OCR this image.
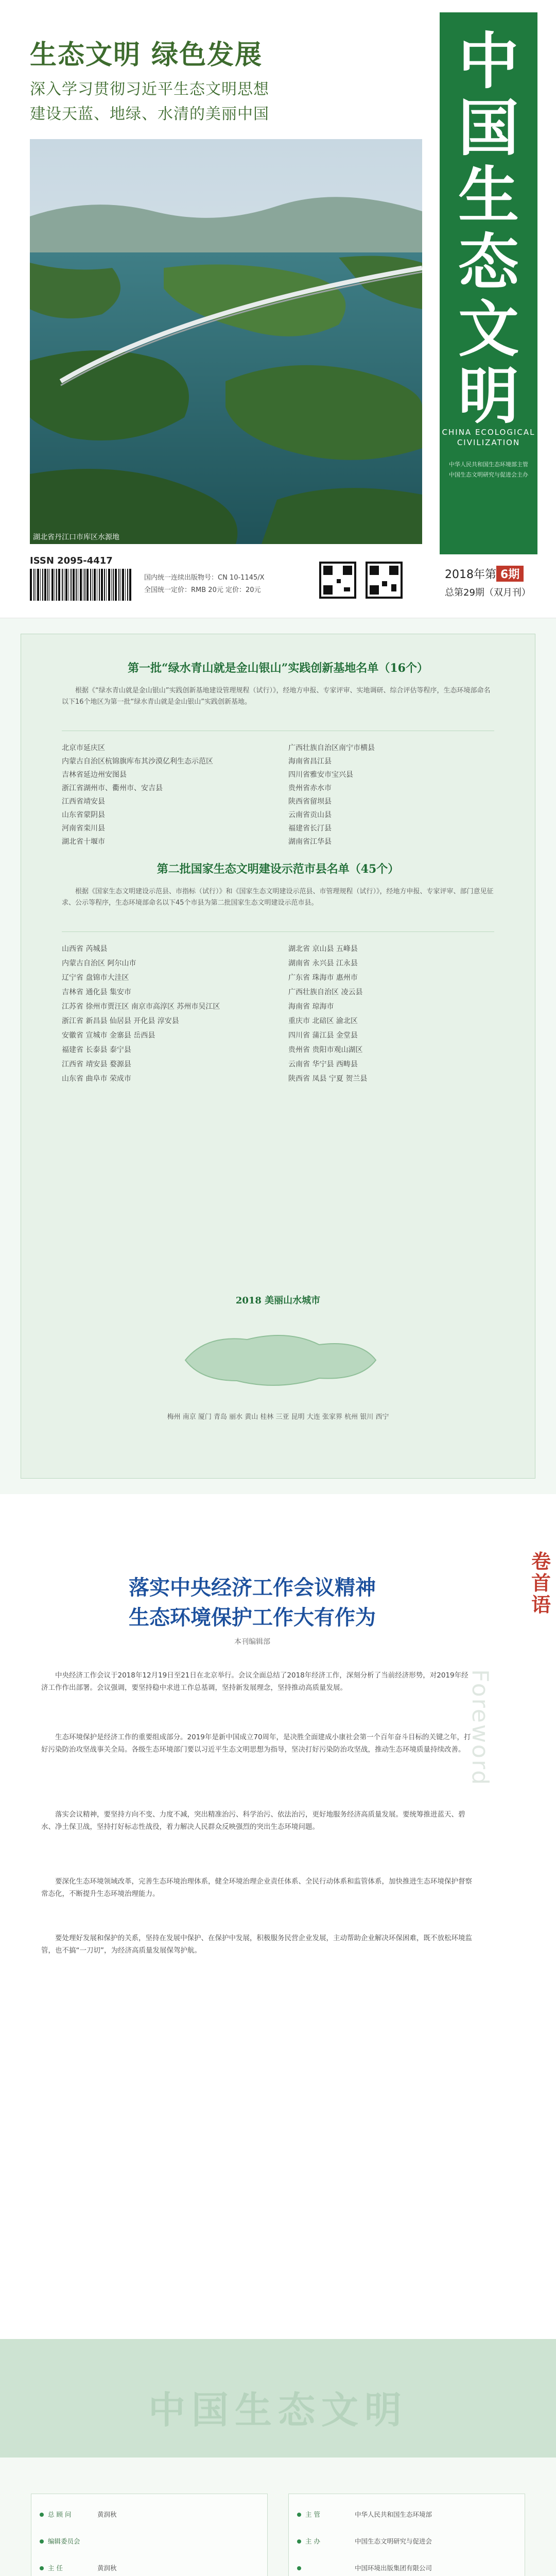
生态文明 绿色发展
深入学习贯彻习近平生态文明思想
建设天蓝、地绿、水清的美丽中国
湖北省丹江口市库区水源地
中
国
生
态
文
明
CHINA ECOLOGICAL CIVILIZATION
中华人民共和国生态环境部主管
中国生态文明研究与促进会主办
ISSN 2095-4417
国内统一连续出版物号：CN 10-1145/X
全国统一定价：RMB 20元 定价：20元
2018年第 6期
总第29期（双月刊）
第一批“绿水青山就是金山银山”实践创新基地名单（16个）
根据《“绿水青山就是金山银山”实践创新基地建设管理规程（试行）》，经地方申报、专家评审、实地调研、综合评估等程序，生态环境部命名以下16个地区为第一批“绿水青山就是金山银山”实践创新基地。
北京市延庆区
内蒙古自治区杭锦旗库布其沙漠亿利生态示范区
吉林省延边州安图县
浙江省湖州市、衢州市、安吉县
江西省靖安县
山东省蒙阴县
河南省栾川县
湖北省十堰市
广西壮族自治区南宁市横县
海南省昌江县
四川省雅安市宝兴县
贵州省赤水市
陕西省留坝县
云南省贡山县
福建省长汀县
湖南省江华县
第二批国家生态文明建设示范市县名单（45个）
根据《国家生态文明建设示范县、市指标（试行）》和《国家生态文明建设示范县、市管理规程（试行）》，经地方申报、专家评审、部门意见征求、公示等程序，生态环境部命名以下45个市县为第二批国家生态文明建设示范市县。
山西省 芮城县
内蒙古自治区 阿尔山市
辽宁省 盘锦市大洼区
吉林省 通化县 集安市
江苏省 徐州市贾汪区 南京市高淳区 苏州市吴江区
浙江省 新昌县 仙居县 开化县 淳安县
安徽省 宣城市 金寨县 岳西县
福建省 长泰县 泰宁县
江西省 靖安县 婺源县
山东省 曲阜市 荣成市
湖北省 京山县 五峰县
湖南省 永兴县 江永县
广东省 珠海市 惠州市
广西壮族自治区 凌云县
海南省 琼海市
重庆市 北碚区 渝北区
四川省 蒲江县 金堂县
贵州省 贵阳市观山湖区
云南省 华宁县 西畴县
陕西省 凤县 宁夏 贺兰县
2018 美丽山水城市
梅州 南京 厦门 青岛 丽水 黄山 桂林 三亚 昆明 大连 张家界 杭州 银川 西宁
Foreword
卷
首
语
落实中央经济工作会议精神
生态环境保护工作大有作为
本刊编辑部
中央经济工作会议于2018年12月19日至21日在北京举行。会议全面总结了2018年经济工作，深刻分析了当前经济形势，对2019年经济工作作出部署。会议强调，要坚持稳中求进工作总基调，坚持新发展理念，坚持推动高质量发展。
生态环境保护是经济工作的重要组成部分。2019年是新中国成立70周年，是决胜全面建成小康社会第一个百年奋斗目标的关键之年，打好污染防治攻坚战事关全局。各级生态环境部门要以习近平生态文明思想为指导，坚决打好污染防治攻坚战，推动生态环境质量持续改善。
落实会议精神，要坚持方向不变、力度不减，突出精准治污、科学治污、依法治污，更好地服务经济高质量发展。要统筹推进蓝天、碧水、净土保卫战，坚持打好标志性战役，着力解决人民群众反映强烈的突出生态环境问题。
要深化生态环境领域改革，完善生态环境治理体系，健全环境治理企业责任体系、全民行动体系和监管体系，加快推进生态环境保护督察常态化，不断提升生态环境治理能力。
要处理好发展和保护的关系，坚持在发展中保护、在保护中发展，积极服务民营企业发展，主动帮助企业解决环保困难，既不放松环境监管，也不搞“一刀切”，为经济高质量发展保驾护航。
中国生态文明
总 顾 问	黄润秋
编辑委员会
主 任	黄润秋
主 管	中华人民共和国生态环境部
主 办	中国生态文明研究与促进会
中国环境出版集团有限公司
